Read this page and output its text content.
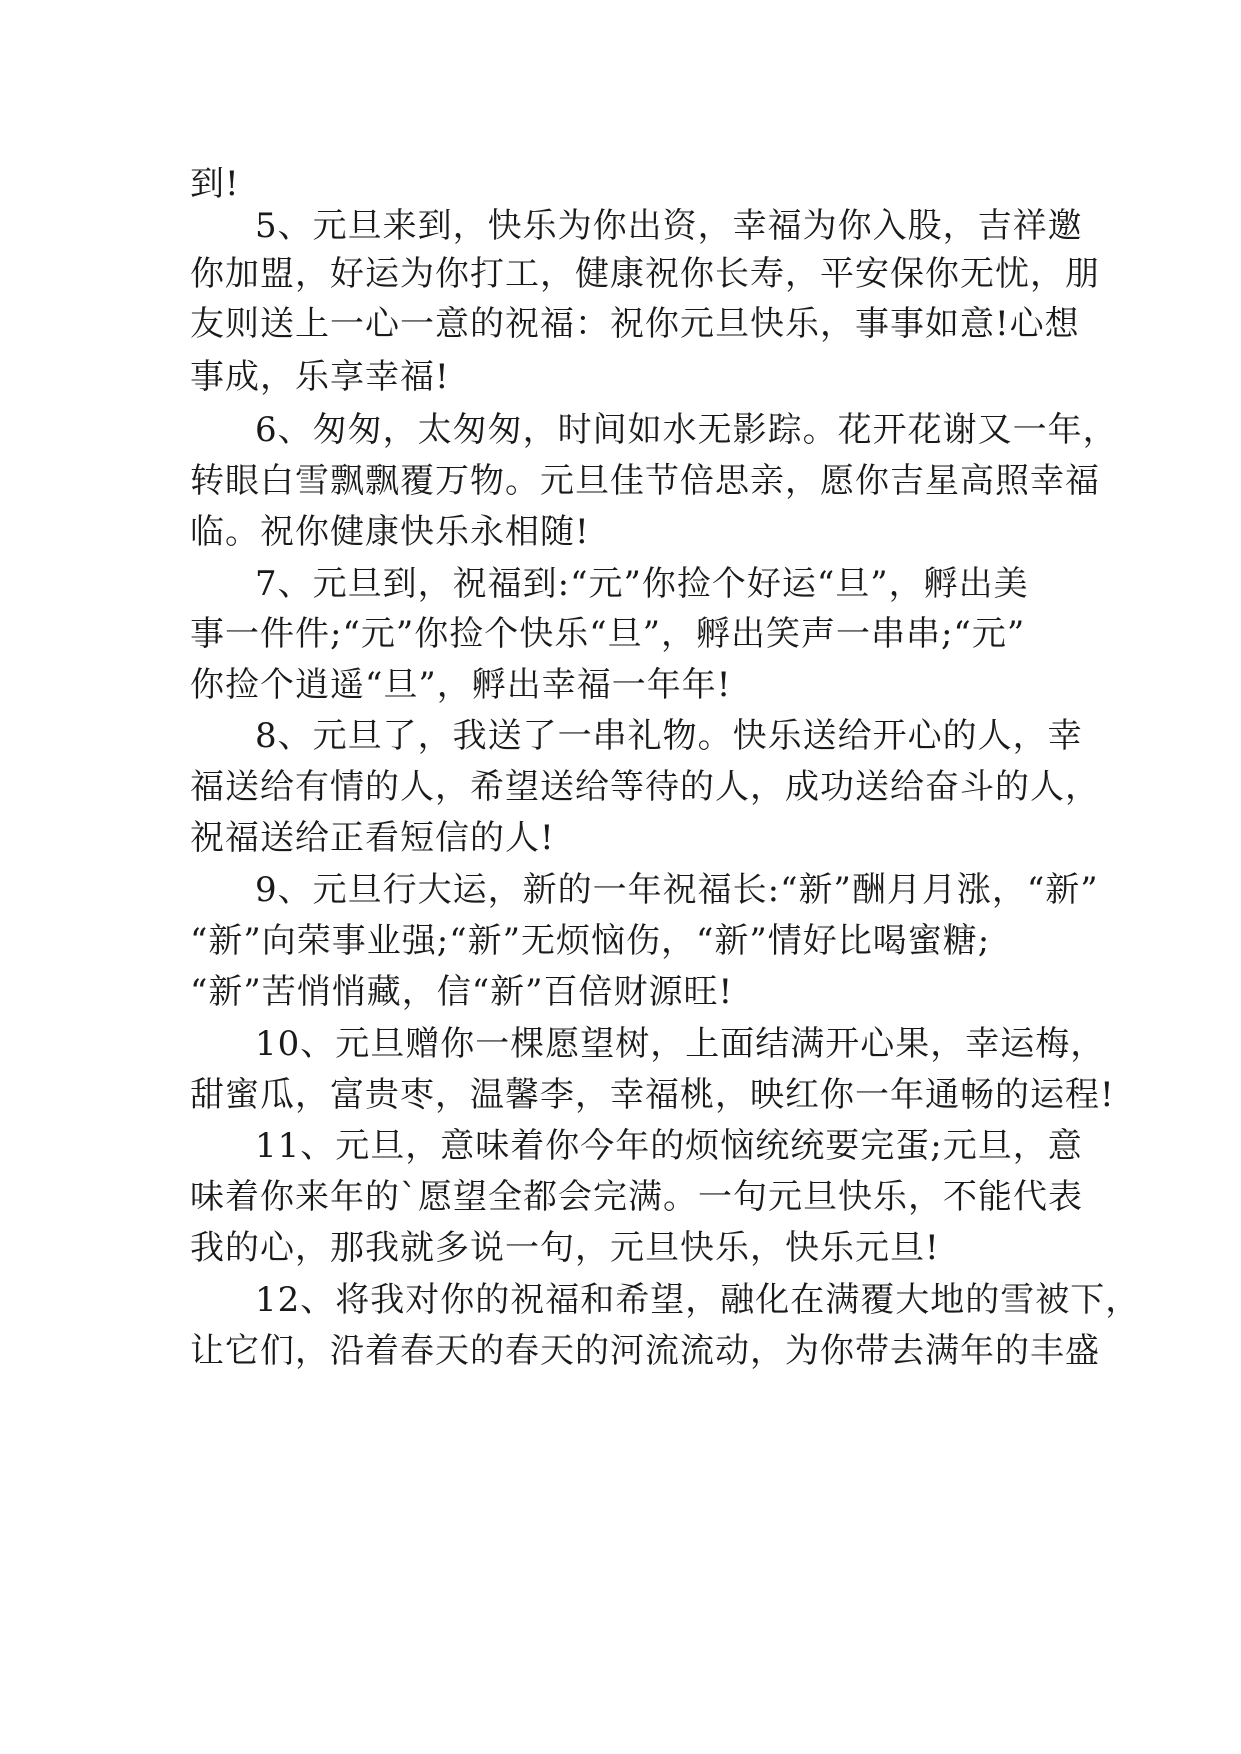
到!
5、元旦来到，快乐为你出资，幸福为你入股，吉祥邀
你加盟，好运为你打工，健康祝你长寿，平安保你无忧，朋
友则送上一心一意的祝福：祝你元旦快乐，事事如意!心想
事成，乐享幸福!
6、匆匆，太匆匆，时间如水无影踪。花开花谢又一年，
转眼白雪飘飘覆万物。元旦佳节倍思亲，愿你吉星高照幸福
临。祝你健康快乐永相随!
7、元旦到，祝福到:“元”你捡个好运“旦”，孵出美
事一件件;“元”你捡个快乐“旦”，孵出笑声一串串;“元”
你捡个逍遥“旦”，孵出幸福一年年!
8、元旦了，我送了一串礼物。快乐送给开心的人，幸
福送给有情的人，希望送给等待的人，成功送给奋斗的人，
祝福送给正看短信的人!
9、元旦行大运，新的一年祝福长:“新”酬月月涨，“新”
“新”向荣事业强;“新”无烦恼伤，“新”情好比喝蜜糖;
“新”苦悄悄藏，信“新”百倍财源旺!
10、元旦赠你一棵愿望树，上面结满开心果，幸运梅，
甜蜜瓜，富贵枣，温馨李，幸福桃，映红你一年通畅的运程!
11、元旦，意味着你今年的烦恼统统要完蛋;元旦，意
味着你来年的`愿望全都会完满。一句元旦快乐，不能代表
我的心，那我就多说一句，元旦快乐，快乐元旦!
12、将我对你的祝福和希望，融化在满覆大地的雪被下，
让它们，沿着春天的春天的河流流动，为你带去满年的丰盛
